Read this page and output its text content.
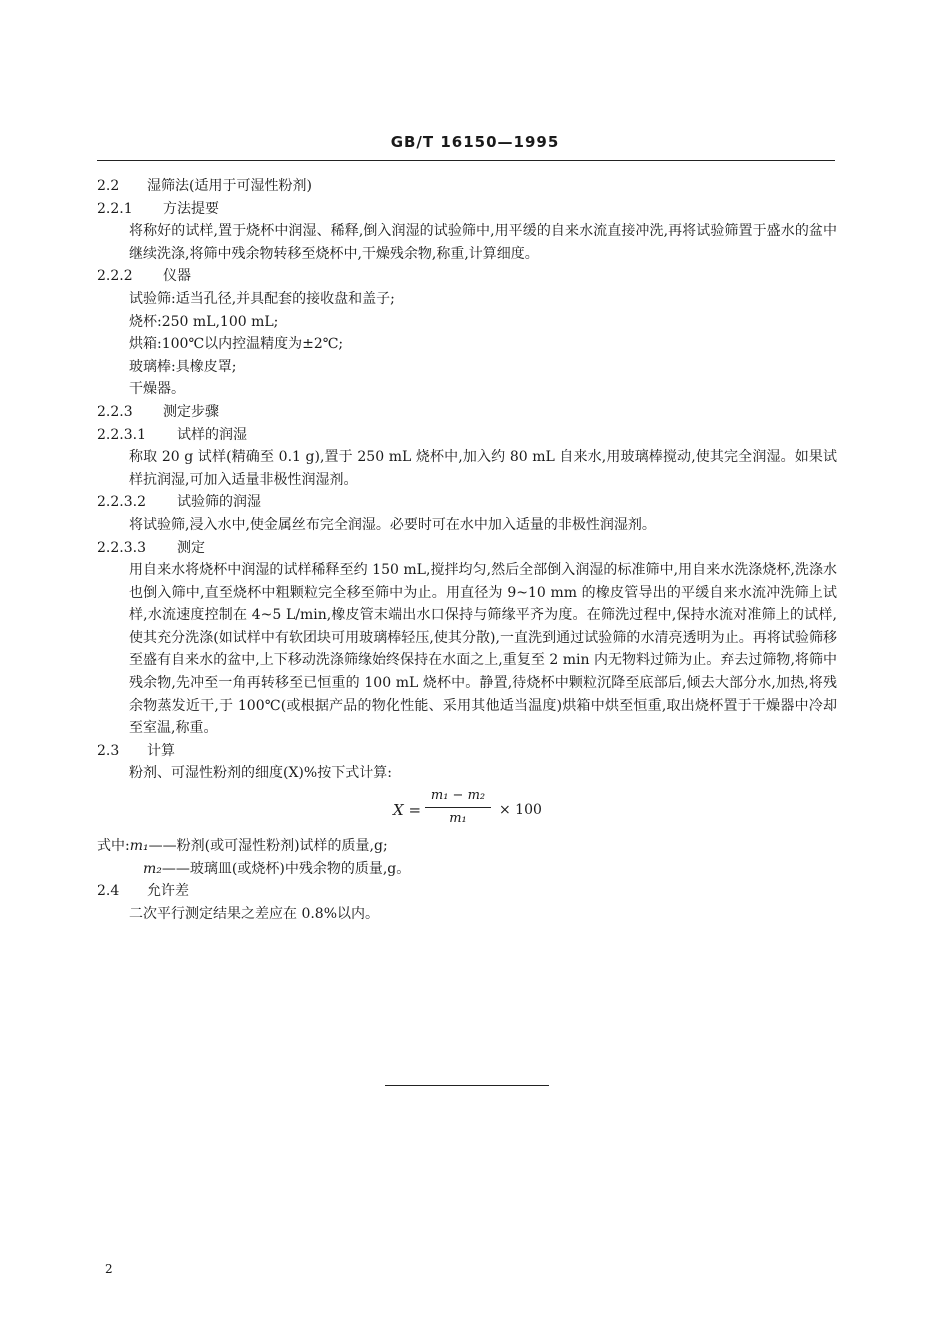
GB/T 16150—1995
2.2 湿筛法(适用于可湿性粉剂)
2.2.1 方法提要
将称好的试样,置于烧杯中润湿、稀释,倒入润湿的试验筛中,用平缓的自来水流直接冲洗,再将试验筛置于盛水的盆中继续洗涤,将筛中残余物转移至烧杯中,干燥残余物,称重,计算细度。
2.2.2 仪器
试验筛:适当孔径,并具配套的接收盘和盖子;
烧杯:250 mL,100 mL;
烘箱:100℃以内控温精度为±2℃;
玻璃棒:具橡皮罩;
干燥器。
2.2.3 测定步骤
2.2.3.1 试样的润湿
称取 20 g 试样(精确至 0.1 g),置于 250 mL 烧杯中,加入约 80 mL 自来水,用玻璃棒搅动,使其完全润湿。如果试样抗润湿,可加入适量非极性润湿剂。
2.2.3.2 试验筛的润湿
将试验筛,浸入水中,使金属丝布完全润湿。必要时可在水中加入适量的非极性润湿剂。
2.2.3.3 测定
用自来水将烧杯中润湿的试样稀释至约 150 mL,搅拌均匀,然后全部倒入润湿的标准筛中,用自来水洗涤烧杯,洗涤水也倒入筛中,直至烧杯中粗颗粒完全移至筛中为止。用直径为 9~10 mm 的橡皮管导出的平缓自来水流冲洗筛上试样,水流速度控制在 4~5 L/min,橡皮管末端出水口保持与筛缘平齐为度。在筛洗过程中,保持水流对准筛上的试样,使其充分洗涤(如试样中有软团块可用玻璃棒轻压,使其分散),一直洗到通过试验筛的水清亮透明为止。再将试验筛移至盛有自来水的盆中,上下移动洗涤筛缘始终保持在水面之上,重复至 2 min 内无物料过筛为止。弃去过筛物,将筛中残余物,先冲至一角再转移至已恒重的 100 mL 烧杯中。静置,待烧杯中颗粒沉降至底部后,倾去大部分水,加热,将残余物蒸发近干,于 100℃(或根据产品的物化性能、采用其他适当温度)烘箱中烘至恒重,取出烧杯置于干燥器中冷却至室温,称重。
2.3 计算
粉剂、可湿性粉剂的细度(X)%按下式计算:
X =
m₁ − m₂
m₁
× 100
式中:m₁——粉剂(或可湿性粉剂)试样的质量,g;
m₂——玻璃皿(或烧杯)中残余物的质量,g。
2.4 允许差
二次平行测定结果之差应在 0.8%以内。
2
